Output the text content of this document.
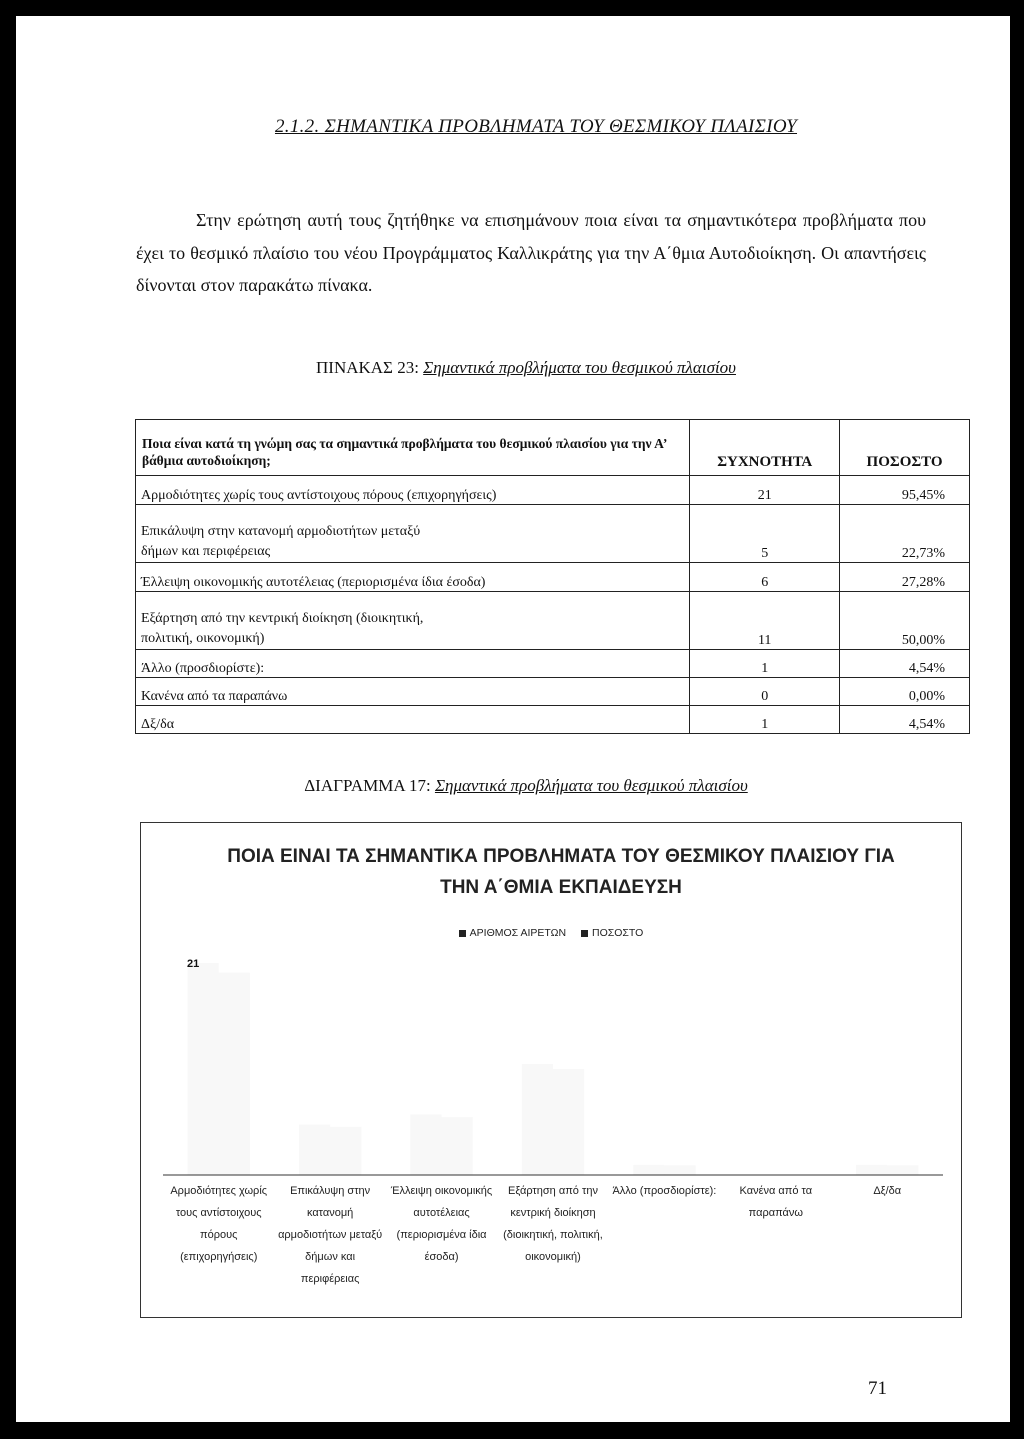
2.1.2. ΣΗΜΑΝΤΙΚΑ ΠΡΟΒΛΗΜΑΤΑ ΤΟΥ ΘΕΣΜΙΚΟΥ ΠΛΑΙΣΙΟΥ

Στην ερώτηση αυτή τους ζητήθηκε να επισημάνουν ποια είναι τα σημαντικότερα προβλήματα που έχει το θεσμικό πλαίσιο του νέου Προγράμματος Καλλικράτης για την Α΄θμια Αυτοδιοίκηση. Οι απαντήσεις δίνονται στον παρακάτω πίνακα.

ΠΙΝΑΚΑΣ 23: Σημαντικά προβλήματα του θεσμικού πλαισίου
Ποια είναι κατά τη γνώμη σας τα σημαντικά προβλήματα του θεσμικού πλαισίου για την Α’ βάθμια αυτοδιοίκηση;	ΣΥΧΝΟΤΗΤΑ	ΠΟΣΟΣΤΟ
Αρμοδιότητες χωρίς τους αντίστοιχους πόρους (επιχορηγήσεις)	21	95,45%
Επικάλυψη στην κατανομή αρμοδιοτήτων μεταξύ δήμων και περιφέρειας	5	22,73%
Έλλειψη οικονομικής αυτοτέλειας (περιορισμένα ίδια έσοδα)	6	27,28%
Εξάρτηση από την κεντρική διοίκηση (διοικητική, πολιτική, οικονομική)	11	50,00%
Άλλο (προσδιορίστε):	1	4,54%
Κανένα από τα παραπάνω	0	0,00%
Δξ/δα	1	4,54%
ΔΙΑΓΡΑΜΜΑ 17: Σημαντικά προβλήματα του θεσμικού πλαισίου
ΠΟΙΑ ΕΙΝΑΙ ΤΑ ΣΗΜΑΝΤΙΚΑ ΠΡΟΒΛΗΜΑΤΑ ΤΟΥ ΘΕΣΜΙΚΟΥ ΠΛΑΙΣΙΟΥ ΓΙΑ ΤΗΝ Α΄ΘΜΙΑ ΕΚΠΑΙΔΕΥΣΗ
ΑΡΙΘΜΟΣ ΑΙΡΕΤΩΝ ΠΟΣΟΣΤΟ
21
Αρμοδιότητες χωρίς τους αντίστοιχους πόρους (επιχορηγήσεις)
Επικάλυψη στην κατανομή αρμοδιοτήτων μεταξύ δήμων και περιφέρειας
Έλλειψη οικονομικής αυτοτέλειας (περιορισμένα ίδια έσοδα)
Εξάρτηση από την κεντρική διοίκηση (διοικητική, πολιτική, οικονομική)
Άλλο (προσδιορίστε):	Κανένα από τα παραπάνω
Δξ/δα
71
